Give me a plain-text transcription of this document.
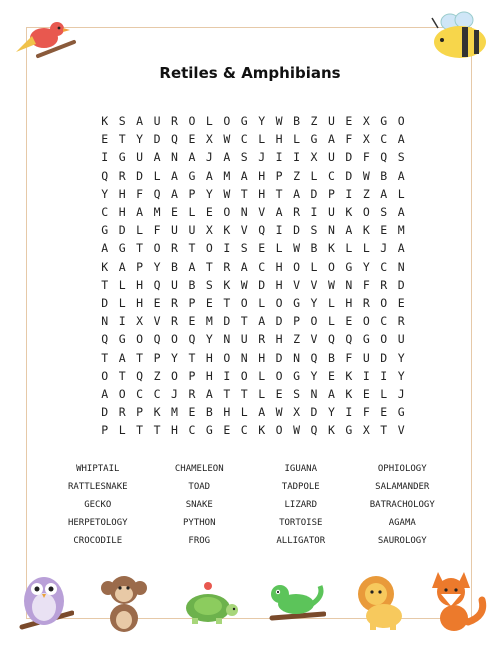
Retiles & Amphibians
K S A U R O L O G Y W B Z U E X G O
E T Y D Q E X W C L H L G A F X C A
I G U A N A J A S J I I X U D F Q S
Q R D L A G A M A H P Z L C D W B A
Y H F Q A P Y W T H T A D P I Z A L
C H A M E L E O N V A R I U K O S A
G D L F U U X K V Q I D S N A K E M
A G T O R T O I S E L W B K L L J A
K A P Y B A T R A C H O L O G Y C N
T L H Q U B S K W D H V V W N F R D
D L H E R P E T O L O G Y L H R O E
N I X V R E M D T A D P O L E O C R
Q G O Q O Q Y N U R H Z V Q Q G O U
T A T P Y T H O N H D N Q B F U D Y
O T Q Z O P H I O L O G Y E K I I Y
A O C C J R A T T L E S N A K E L J
D R P K M E B H L A W X D Y I F E G
P L T T H C G E C K O W Q K G X T V
WHIPTAIL	CHAMELEON	IGUANA	OPHIOLOGY
RATTLESNAKE	TOAD	TADPOLE	SALAMANDER
GECKO	SNAKE	LIZARD	BATRACHOLOGY
HERPETOLOGY	PYTHON	TORTOISE	AGAMA
CROCODILE	FROG	ALLIGATOR	SAUROLOGY
